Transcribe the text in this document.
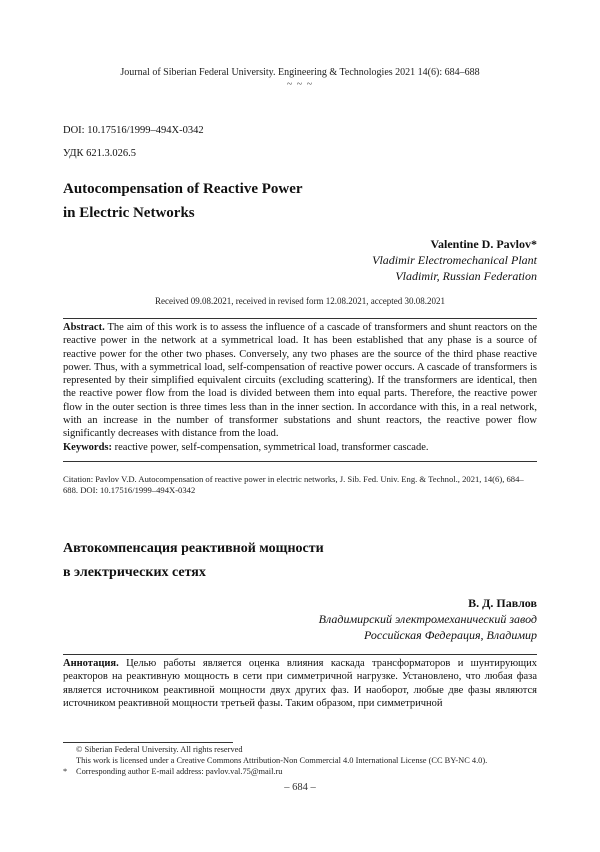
Journal of Siberian Federal University. Engineering & Technologies 2021 14(6): 684–688
~ ~ ~
DOI: 10.17516/1999–494X-0342
УДК 621.3.026.5
Autocompensation of Reactive Power
in Electric Networks
Valentine D. Pavlov*
Vladimir Electromechanical Plant
Vladimir, Russian Federation
Received 09.08.2021, received in revised form 12.08.2021, accepted 30.08.2021
Abstract. The aim of this work is to assess the influence of a cascade of transformers and shunt reactors on the reactive power in the network at a symmetrical load. It has been established that any phase is a source of reactive power for the other two phases. Conversely, any two phases are the source of the third phase reactive power. Thus, with a symmetrical load, self-compensation of reactive power occurs. A cascade of transformers is represented by their simplified equivalent circuits (excluding scattering). If the transformers are identical, then the reactive power flow from the load is divided between them into equal parts. Therefore, the reactive power flow in the outer section is three times less than in the inner section. In accordance with this, in a real network, with an increase in the number of transformer substations and shunt reactors, the reactive power flow significantly decreases with distance from the load.
Keywords: reactive power, self-compensation, symmetrical load, transformer cascade.
Citation: Pavlov V.D. Autocompensation of reactive power in electric networks, J. Sib. Fed. Univ. Eng. & Technol., 2021, 14(6), 684–688. DOI: 10.17516/1999–494X-0342
Автокомпенсация реактивной мощности
в электрических сетях
В. Д. Павлов
Владимирский электромеханический завод
Российская Федерация, Владимир
Аннотация. Целью работы является оценка влияния каскада трансформаторов и шунтирующих реакторов на реактивную мощность в сети при симметричной нагрузке. Установлено, что любая фаза является источником реактивной мощности двух других фаз. И наоборот, любые две фазы являются источником реактивной мощности третьей фазы. Таким образом, при симметричной
© Siberian Federal University. All rights reserved
This work is licensed under a Creative Commons Attribution-Non Commercial 4.0 International License (CC BY-NC 4.0).
* Corresponding author E-mail address: pavlov.val.75@mail.ru
– 684 –
